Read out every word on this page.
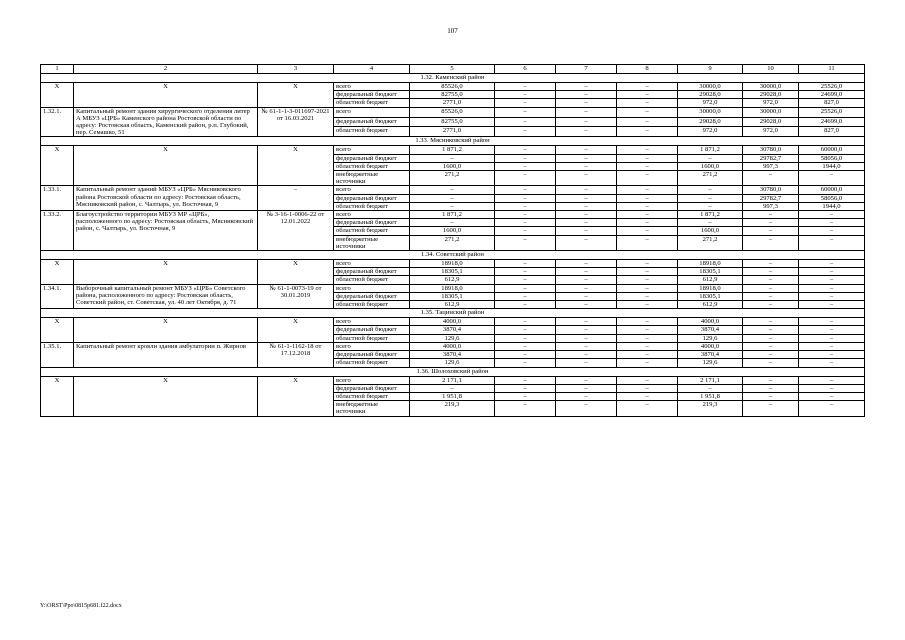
107
1	2	3	4	5	6	7	8	9	10	11
1.32. Каменский район										
X	X	X	всего	85526,0	–	–	–	30000,0	30000,0	25526,0
			федеральный бюджет	82755,0	–	–	–	29028,0	29028,0	24699,0
			областной бюджет	2771,0	–	–	–	972,0	972,0	827,0
1.32.1.	Капитальный ремонт здания хирургического отделения литер А МБУЗ «ЦРБ» Каменского района Ростовской области по адресу: Ростовская область, Каменский район, р.п. Глубокий, пер. Семашко, 51	№ 61-1-1-3-011697-2021 от 16.03.2021	всего	85526,0	–	–	–	30000,0	30000,0	25526,0
			федеральный бюджет	82755,0	–	–	–	29028,0	29028,0	24699,0
			областной бюджет	2771,0	–	–	–	972,0	972,0	827,0
1.33. Мясниковский район										
X	X	X	всего	1 871,2	–	–	–	1 871,2	30780,0	60000,0
			федеральный бюджет	–	–	–	–	–	29782,7	58056,0
			областной бюджет	1600,0	–	–	–	1600,0	997,3	1944,0
			внебюджетные источники	271,2	–	–	–	271,2	–	–
1.33.1.	Капитальный ремонт зданий МБУЗ «ЦРБ» Мясниковского района Ростовской области по адресу: Ростовская область, Мясниковский район, с. Чалтырь, ул. Восточная, 9	–	всего	–	–	–	–	–	30780,0	60000,0
			федеральный бюджет	–	–	–	–	–	29782,7	58056,0
			областной бюджет	–	–	–	–	–	997,3	1944,0
1.33.2.	Благоустройство территории МБУЗ МР «ЦРБ», расположенного по адресу: Ростовская область, Мясниковский район, с. Чалтырь, ул. Восточная, 9	№ 3-16-1-0006-22 от 12.01.2022	всего	1 871,2	–	–	–	1 871,2	–	–
			федеральный бюджет	–	–	–	–	–	–	–
			областной бюджет	1600,0	–	–	–	1600,0	–	–
			внебюджетные источники	271,2	–	–	–	271,2	–	–
1.34. Советский район										
X	X	X	всего	18918,0	–	–	–	18918,0	–	–
			федеральный бюджет	18305,1	–	–	–	18305,1	–	–
			областной бюджет	612,9	–	–	–	612,9	–	–
1.34.1.	Выборочный капитальный ремонт МБУЗ «ЦРБ» Советского района, расположенного по адресу: Ростовская область, Советский район, ст. Советская, ул. 40 лет Октября, д. 71	№ 61-1-0073-19 от 30.01.2019	всего	18918,0	–	–	–	18918,0	–	–
			федеральный бюджет	18305,1	–	–	–	18305,1	–	–
			областной бюджет	612,9	–	–	–	612,9	–	–
1.35. Тацинский район										
X	X	X	всего	4000,0	–	–	–	4000,0	–	–
			федеральный бюджет	3870,4	–	–	–	3870,4	–	–
			областной бюджет	129,6	–	–	–	129,6	–	–
1.35.1.	Капитальный ремонт кровли здания амбулатории п. Жирнов	№ 61-1-1162-18 от 17.12.2018	всего	4000,0	–	–	–	4000,0	–	–
			федеральный бюджет	3870,4	–	–	–	3870,4	–	–
			областной бюджет	129,6	–	–	–	129,6	–	–
1.36. Шолоховский район										
X	X	X	всего	2 171,1	–	–	–	2 171,1	–	–
			федеральный бюджет	–	–	–	–	–	–	–
			областной бюджет	1 951,8	–	–	–	1 951,8	–	–
			внебюджетные источники	219,3	–	–	–	219,3	–	–
Y:\ORST\Ppo\0815p681.f22.docx
